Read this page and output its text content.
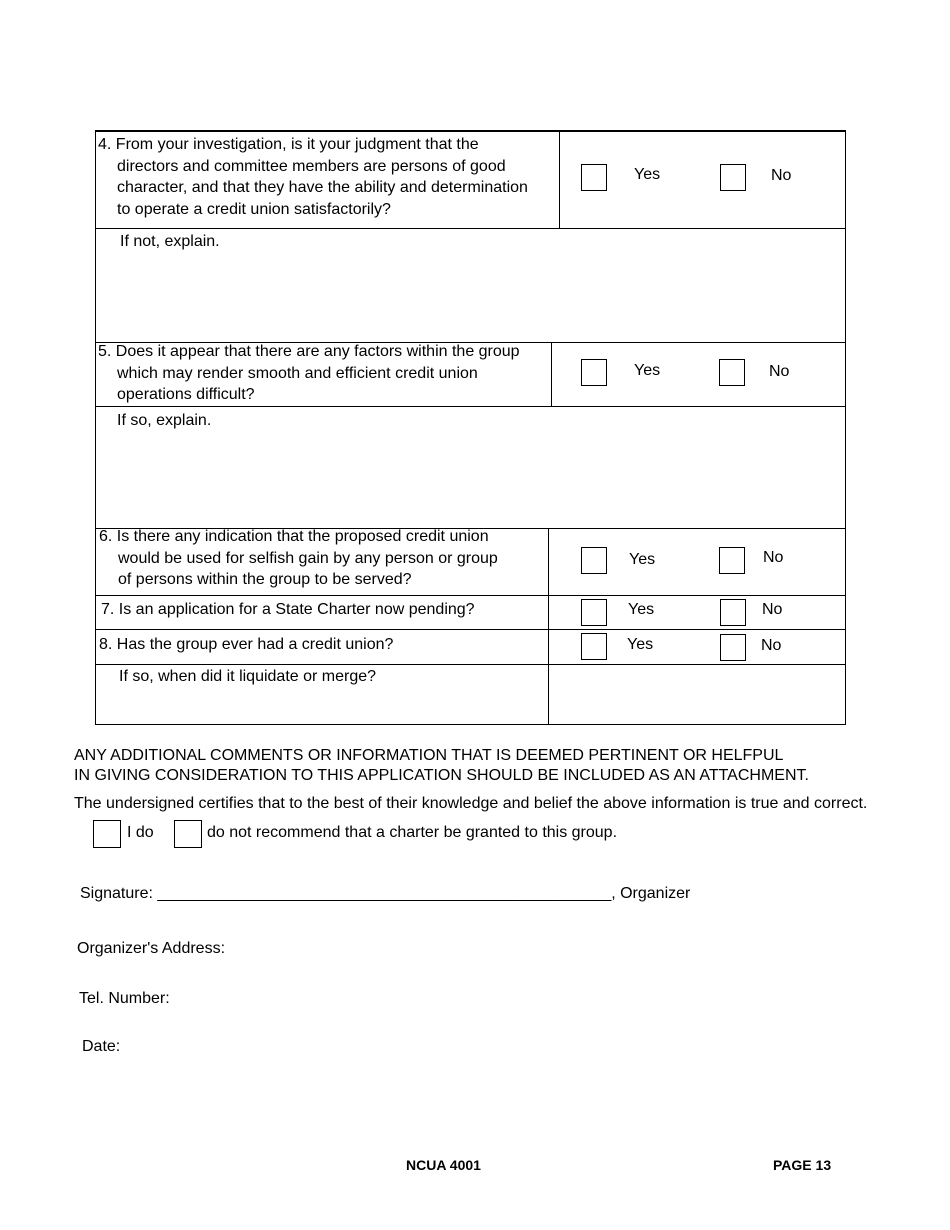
4. From your investigation, is it your judgment that the
directors and committee members are persons of good
character, and that they have the ability and determination
to operate a credit union satisfactorily?
Yes	No
If not, explain.
5. Does it appear that there are any factors within the group
which may render smooth and efficient credit union
operations difficult?
Yes	No
If so, explain.
6. Is there any indication that the proposed credit union
would be used for selfish gain by any person or group
of persons within the group to be served?
Yes	No
7. Is an application for a State Charter now pending?	Yes	No
8. Has the group ever had a credit union?	Yes	No
If so, when did it liquidate or merge?
ANY ADDITIONAL COMMENTS OR INFORMATION THAT IS DEEMED PERTINENT OR HELFPUL
IN GIVING CONSIDERATION TO THIS APPLICATION SHOULD BE INCLUDED AS AN ATTACHMENT.
The undersigned certifies that to the best of their knowledge and belief the above information is true and correct.
I do	do not recommend that a charter be granted to this group.
Signature: ___________________________________________________, Organizer
Organizer's Address:
Tel. Number:
Date:
NCUA 4001	PAGE 13
